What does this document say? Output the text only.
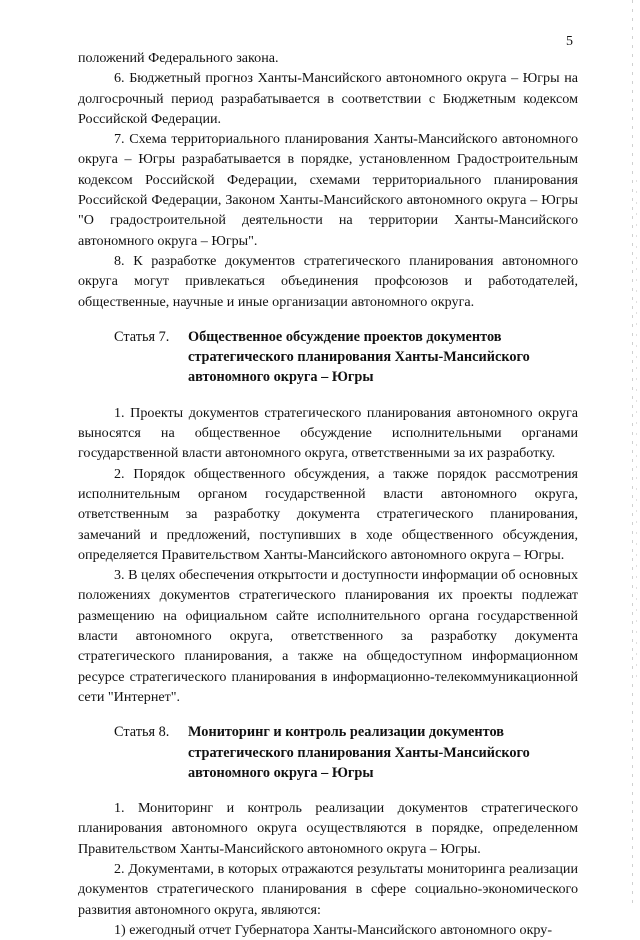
5

положений Федерального закона.

6. Бюджетный прогноз Ханты-Мансийского автономного округа – Югры на долгосрочный период разрабатывается в соответствии с Бюджетным кодексом Российской Федерации.

7. Схема территориального планирования Ханты-Мансийского автономного округа – Югры разрабатывается в порядке, установленном Градостроительным кодексом Российской Федерации, схемами территориального планирования Российской Федерации, Законом Ханты-Мансийского автономного округа – Югры "О градостроительной деятельности на территории Ханты-Мансийского автономного округа – Югры".

8. К разработке документов стратегического планирования автономного округа могут привлекаться объединения профсоюзов и работодателей, общественные, научные и иные организации автономного округа.

Статья 7.	Общественное обсуждение проектов документов стратегического планирования Ханты-Мансийского автономного округа – Югры

1. Проекты документов стратегического планирования автономного округа выносятся на общественное обсуждение исполнительными органами государственной власти автономного округа, ответственными за их разработку.

2. Порядок общественного обсуждения, а также порядок рассмотрения исполнительным органом государственной власти автономного округа, ответственным за разработку документа стратегического планирования, замечаний и предложений, поступивших в ходе общественного обсуждения, определяется Правительством Ханты-Мансийского автономного округа – Югры.

3. В целях обеспечения открытости и доступности информации об основных положениях документов стратегического планирования их проекты подлежат размещению на официальном сайте исполнительного органа государственной власти автономного округа, ответственного за разработку документа стратегического планирования, а также на общедоступном информационном ресурсе стратегического планирования в информационно-телекоммуникационной сети "Интернет".

Статья 8.	Мониторинг и контроль реализации документов стратегического планирования Ханты-Мансийского автономного округа – Югры

1. Мониторинг и контроль реализации документов стратегического планирования автономного округа осуществляются в порядке, определенном Правительством Ханты-Мансийского автономного округа – Югры.

2. Документами, в которых отражаются результаты мониторинга реализации документов стратегического планирования в сфере социально-экономического развития автономного округа, являются:

1) ежегодный отчет Губернатора Ханты-Мансийского автономного окру-
